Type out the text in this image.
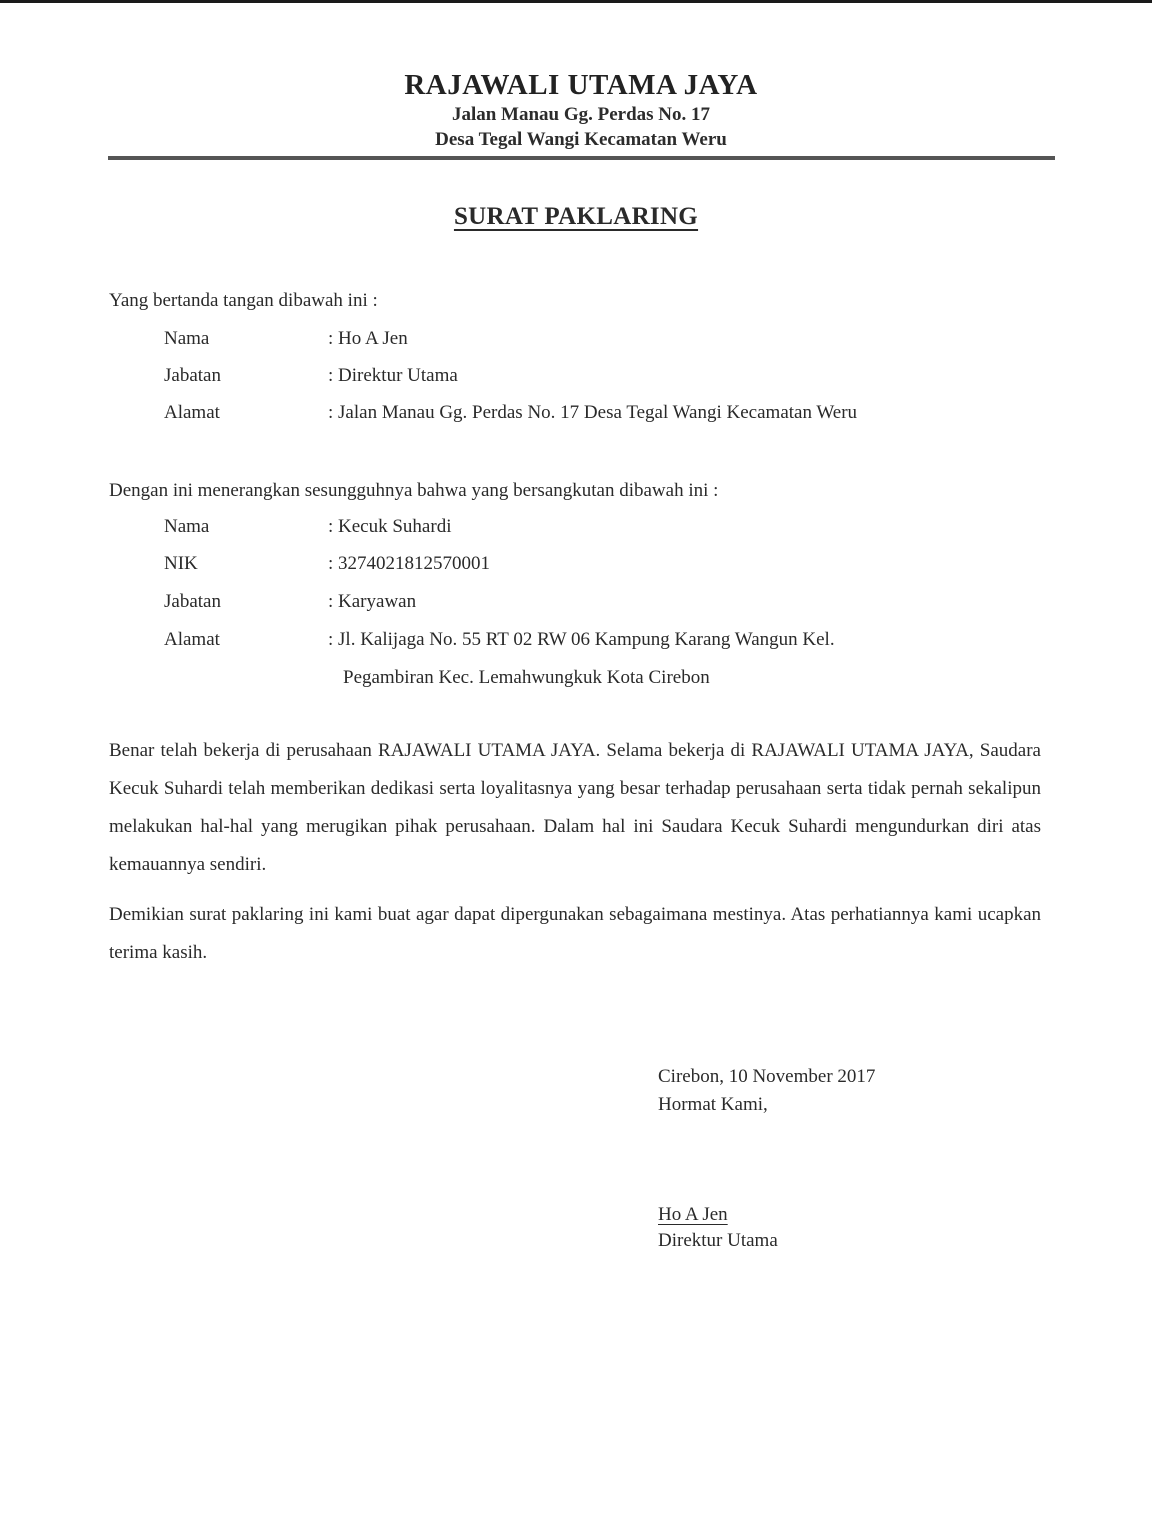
RAJAWALI UTAMA JAYA
Jalan Manau Gg. Perdas No. 17
Desa Tegal Wangi Kecamatan Weru
SURAT PAKLARING
Yang bertanda tangan dibawah ini :
Nama	: Ho A Jen
Jabatan	: Direktur Utama
Alamat	: Jalan Manau Gg. Perdas No. 17 Desa Tegal Wangi Kecamatan Weru
Dengan ini menerangkan sesungguhnya bahwa yang bersangkutan dibawah ini :
Nama	: Kecuk Suhardi
NIK	: 3274021812570001
Jabatan	: Karyawan
Alamat	: Jl. Kalijaga No. 55 RT 02 RW 06 Kampung Karang Wangun Kel.
Pegambiran Kec. Lemahwungkuk Kota Cirebon
Benar telah bekerja di perusahaan RAJAWALI UTAMA JAYA. Selama bekerja di RAJAWALI UTAMA JAYA, Saudara Kecuk Suhardi telah memberikan dedikasi serta loyalitasnya yang besar terhadap perusahaan serta tidak pernah sekalipun melakukan hal-hal yang merugikan pihak perusahaan. Dalam hal ini Saudara Kecuk Suhardi mengundurkan diri atas kemauannya sendiri.
Demikian surat paklaring ini kami buat agar dapat dipergunakan sebagaimana mestinya. Atas perhatiannya kami ucapkan terima kasih.
Cirebon, 10 November 2017
Hormat Kami,
Ho A Jen
Direktur Utama
